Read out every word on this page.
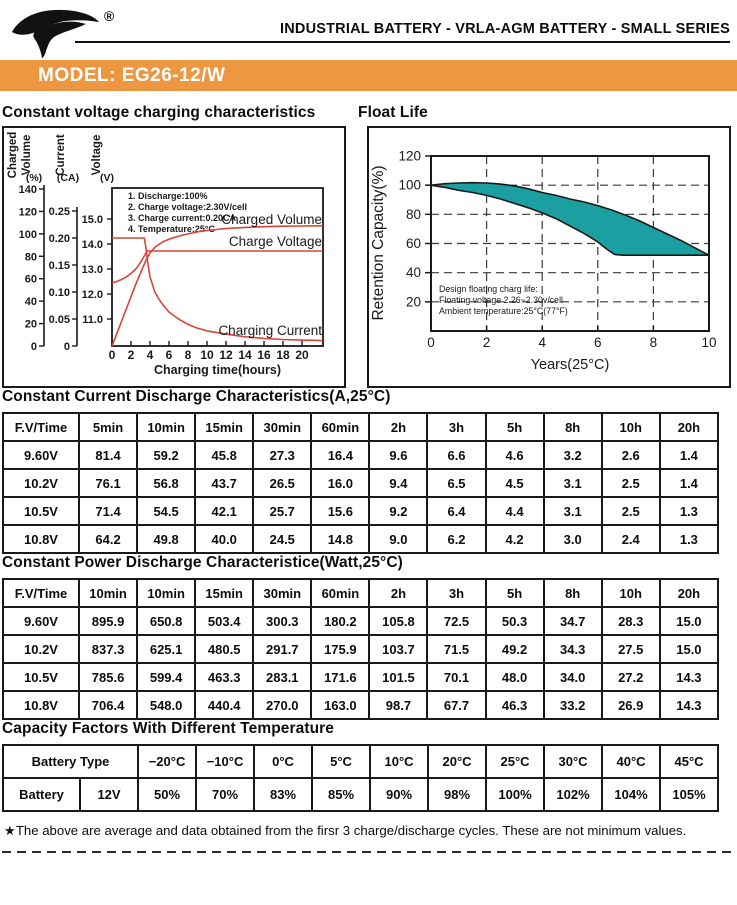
®
INDUSTRIAL BATTERY - VRLA-AGM BATTERY - SMALL SERIES
MODEL: EG26-12/W
Constant voltage charging characteristics	Float Life
0
20
40
60
80
100
120
140
Charged Volume
(%)
0
0.05
0.10
0.15
0.20
0.25
Current
(CA)
11.0
12.0
13.0
14.0
15.0
Voltage
(V)
0 2 4 6 8 10 12 14 16 18 20
Charging time(hours)
1. Discharge:100%
2. Charge voltage:2.30V/cell
3. Charge current:0.20CA
4. Temperature:25°C
Charged Volume
Charge Voltage
Charging Current
20
40
60
80
100
120
0	2	4	6	8	10
Retention Capacity(%)
Years(25°C)
Design floating charg life:
Floating voltage 2.26~2.30v/cell
Ambient temperature:25°C(77°F)
Constant Current Discharge Characteristics(A,25°C)
F.V/Time	5min	10min	15min	30min	60min	2h	3h	5h	8h	10h	20h
9.60V	81.4	59.2	45.8	27.3	16.4	9.6	6.6	4.6	3.2	2.6	1.4
10.2V	76.1	56.8	43.7	26.5	16.0	9.4	6.5	4.5	3.1	2.5	1.4
10.5V	71.4	54.5	42.1	25.7	15.6	9.2	6.4	4.4	3.1	2.5	1.3
10.8V	64.2	49.8	40.0	24.5	14.8	9.0	6.2	4.2	3.0	2.4	1.3
Constant Power Discharge Characteristice(Watt,25°C)
F.V/Time	10min	10min	15min	30min	60min	2h	3h	5h	8h	10h	20h
9.60V	895.9	650.8	503.4	300.3	180.2	105.8	72.5	50.3	34.7	28.3	15.0
10.2V	837.3	625.1	480.5	291.7	175.9	103.7	71.5	49.2	34.3	27.5	15.0
10.5V	785.6	599.4	463.3	283.1	171.6	101.5	70.1	48.0	34.0	27.2	14.3
10.8V	706.4	548.0	440.4	270.0	163.0	98.7	67.7	46.3	33.2	26.9	14.3
Capacity Factors With Different Temperature
Battery Type		−20°C	−10°C	0°C	5°C	10°C	20°C	25°C	30°C	40°C	45°C
Battery	12V	50%	70%	83%	85%	90%	98%	100%	102%	104%	105%
★The above are average and data obtained from the firsr 3 charge/discharge cycles. These are not minimum values.
